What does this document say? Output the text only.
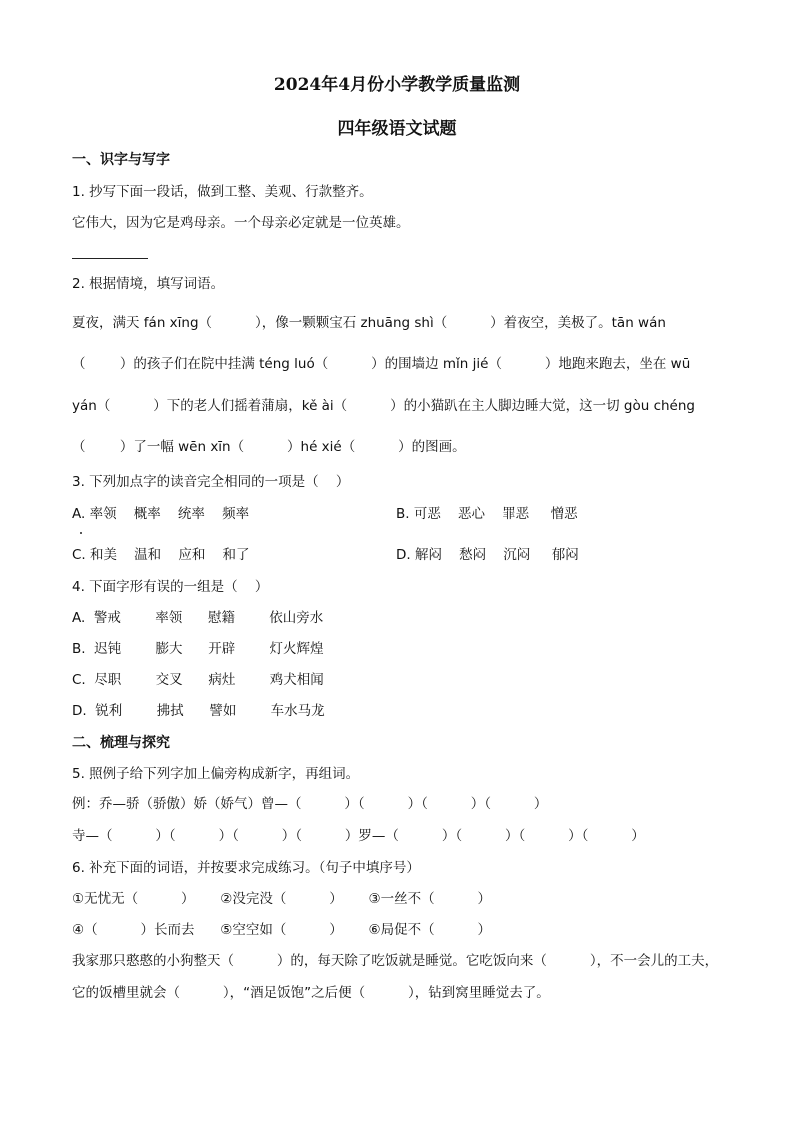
2024年4月份小学教学质量监测
四年级语文试题
一、识字与写字
1. 抄写下面一段话，做到工整、美观、行款整齐。
它伟大，因为它是鸡母亲。一个母亲必定就是一位英雄。
2. 根据情境，填写词语。
夏夜，满天 fán xīng（          ），像一颗颗宝石 zhuāng shì（          ）着夜空，美极了。tān wán
（        ）的孩子们在院中挂满 téng luó（          ）的围墙边 mǐn jié（          ）地跑来跑去，坐在 wū
yán（          ）下的老人们摇着蒲扇，kě ài（          ）的小猫趴在主人脚边睡大觉，这一切 gòu chéng
（        ）了一幅 wēn xīn（          ）hé xié（          ）的图画。
3. 下列加点字的读音完全相同的一项是（    ）
A. 率领    概率    统率    频率	B. 可恶    恶心    罪恶     憎恶
C. 和美    温和    应和    和了	D. 解闷    愁闷    沉闷     郁闷
4. 下面字形有误的一组是（    ）
A.  警戒        率领      慰籍        依山旁水
B.  迟钝        膨大      开辟        灯火辉煌
C.  尽职        交叉      病灶        鸡犬相闻
D.  锐利        拂拭      譬如        车水马龙
二、梳理与探究
5. 照例子给下列字加上偏旁构成新字，再组词。
例：乔—骄（骄傲）娇（娇气）曾—（          ）（          ）（          ）（          ）
寺—（          ）（          ）（          ）（          ）罗—（          ）（          ）（          ）（          ）
6. 补充下面的词语，并按要求完成练习。（句子中填序号）
①无忧无（          ）      ②没完没（          ）      ③一丝不（          ）
④（          ）长而去      ⑤空空如（          ）      ⑥局促不（          ）
我家那只憨憨的小狗整天（          ）的，每天除了吃饭就是睡觉。它吃饭向来（          ），不一会儿的工夫，
它的饭槽里就会（          ），“酒足饭饱”之后便（          ），钻到窝里睡觉去了。
